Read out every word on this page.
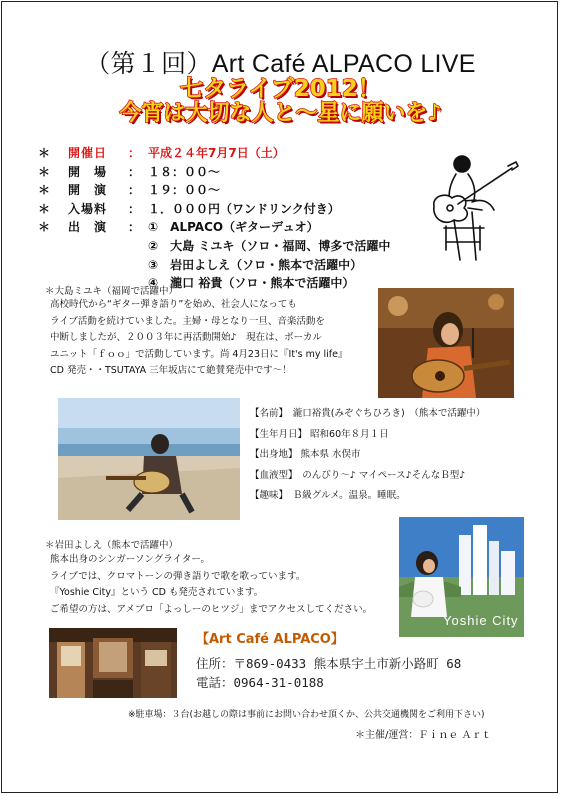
（第１回）Art Café ALPACO LIVE
七タライブ2012！
今宵は大切な人と～星に願いを♪
＊	開催日	： 平成２４年7月7日（土）
＊	開　場	： １８：００～
＊	開　演	： １９：００～
＊	入場料	： １．０００円（ワンドリンク付き）
＊	出　演	： ①　ALPACO（ギターデュオ）
②　大島 ミユキ（ソロ・福岡、博多で活躍中
③　岩田よしえ（ソロ・熊本で活躍中）
④　瀧口 裕貴（ソロ・熊本で活躍中）
＊大島ミユキ（福岡で活躍中）
高校時代から“ギター弾き語り”を始め、社会人になっても
ライブ活動を続けていました。主婦・母となり一旦、音楽活動を
中断しましたが、２００３年に再活動開始♪　現在は、ボーカル
ユニット「ｆｏｏ」で活動しています。尚 4月23日に『It's my life』
CD 発売・・TSUTAYA 三年坂店にて絶賛発売中です～！
【名前】　瀧口裕貴(みぞぐちひろき)　（熊本で活躍中）
【生年月日】 昭和60年８月１日
【出身地】 熊本県 水俣市
【血液型】　のんびり～♪ マイペース♪そんなＢ型♪
【趣味】　Ｂ級グルメ。温泉。睡眠。
＊岩田よしえ（熊本で活躍中）
熊本出身のシンガーソングライター。
ライブでは、クロマトーンの弾き語りで歌を歌っています。
『Yoshie City』という CD も発売されています。
ご希望の方は、アメブロ「よっしーのヒツジ」までアクセスしてください。
Yoshie City
【Art Café ALPACO】
住所：〒869-0433 熊本県宇土市新小路町 68
電話：0964-31-0188
※駐車場：３台(お越しの際は事前にお問い合わせ頂くか、公共交通機関をご利用下さい)
＊主催/運営：Ｆｉｎｅ Ａｒｔ
